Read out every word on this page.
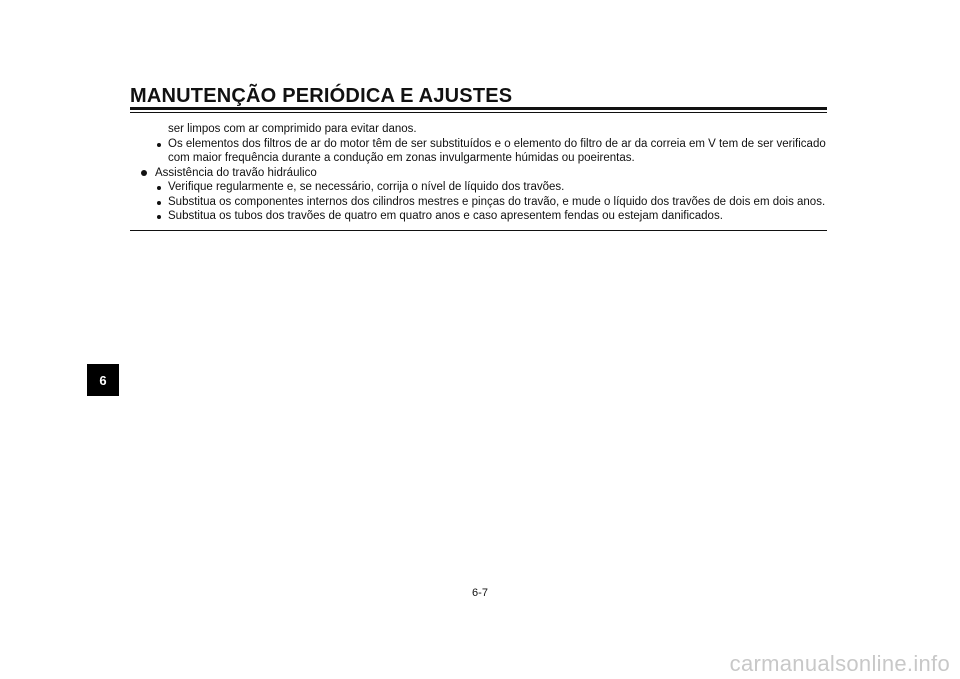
MANUTENÇÃO PERIÓDICA E AJUSTES
ser limpos com ar comprimido para evitar danos.
Os elementos dos filtros de ar do motor têm de ser substituídos e o elemento do filtro de ar da correia em V tem de ser verificado
com maior frequência durante a condução em zonas invulgarmente húmidas ou poeirentas.
Assistência do travão hidráulico
Verifique regularmente e, se necessário, corrija o nível de líquido dos travões.
Substitua os componentes internos dos cilindros mestres e pinças do travão, e mude o líquido dos travões de dois em dois anos.
Substitua os tubos dos travões de quatro em quatro anos e caso apresentem fendas ou estejam danificados.
6
6-7
carmanualsonline.info
